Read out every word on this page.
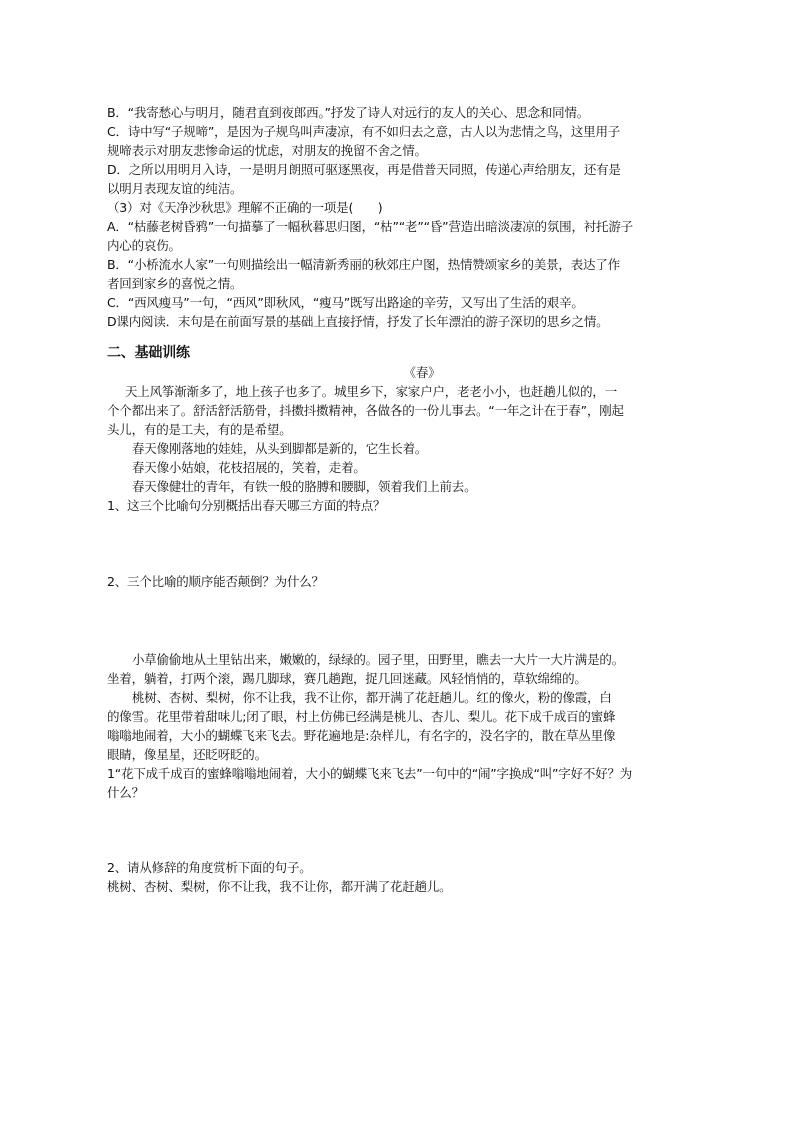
B．“我寄愁心与明月，随君直到夜郎西。”抒发了诗人对远行的友人的关心、思念和同情。
C．诗中写“子规啼”，是因为子规鸟叫声凄凉，有不如归去之意，古人以为悲情之鸟，这里用子
规啼表示对朋友悲惨命运的忧虑，对朋友的挽留不舍之情。
D．之所以用明月入诗，一是明月朗照可驱逐黑夜，再是借普天同照，传递心声给朋友，还有是
以明月表现友谊的纯洁。
（3）对《天净沙秋思》理解不正确的一项是(　　)
A．“枯藤老树昏鸦”一句描摹了一幅秋暮思归图，“枯”“老”“昏”营造出暗淡凄凉的氛围，衬托游子
内心的哀伤。
B．“小桥流水人家”一句则描绘出一幅清新秀丽的秋郊庄户图，热情赞颂家乡的美景，表达了作
者回到家乡的喜悦之情。
C．“西风瘦马”一句，“西风”即秋风，“瘦马”既写出路途的辛劳，又写出了生活的艰辛。
D课内阅读．末句是在前面写景的基础上直接抒情，抒发了长年漂泊的游子深切的思乡之情。
二、基础训练
《春》
天上风筝渐渐多了，地上孩子也多了。城里乡下，家家户户，老老小小，也赶趟儿似的，一
个个都出来了。舒活舒活筋骨，抖擞抖擞精神，各做各的一份儿事去。“一年之计在于春”，刚起
头儿，有的是工夫，有的是希望。
春天像刚落地的娃娃，从头到脚都是新的，它生长着。
春天像小姑娘，花枝招展的，笑着，走着。
春天像健壮的青年，有铁一般的胳膊和腰脚，领着我们上前去。
1、这三个比喻句分别概括出春天哪三方面的特点？
2、三个比喻的顺序能否颠倒？为什么？
小草偷偷地从土里钻出来，嫩嫩的，绿绿的。园子里，田野里，瞧去一大片一大片满是的。
坐着，躺着，打两个滚，踢几脚球，赛几趟跑，捉几回迷藏。风轻悄悄的，草软绵绵的。
桃树、杏树、梨树，你不让我，我不让你，都开满了花赶趟儿。红的像火，粉的像霞，白
的像雪。花里带着甜味儿;闭了眼，村上仿佛已经满是桃儿、杏儿、梨儿。花下成千成百的蜜蜂
嗡嗡地闹着，大小的蝴蝶飞来飞去。野花遍地是:杂样儿，有名字的，没名字的，散在草丛里像
眼睛，像星星，还眨呀眨的。
1“花下成千成百的蜜蜂嗡嗡地闹着，大小的蝴蝶飞来飞去”一句中的“闹”字换成“叫”字好不好？为
什么？
2、请从修辞的角度赏析下面的句子。
桃树、杏树、梨树，你不让我，我不让你，都开满了花赶趟儿。
